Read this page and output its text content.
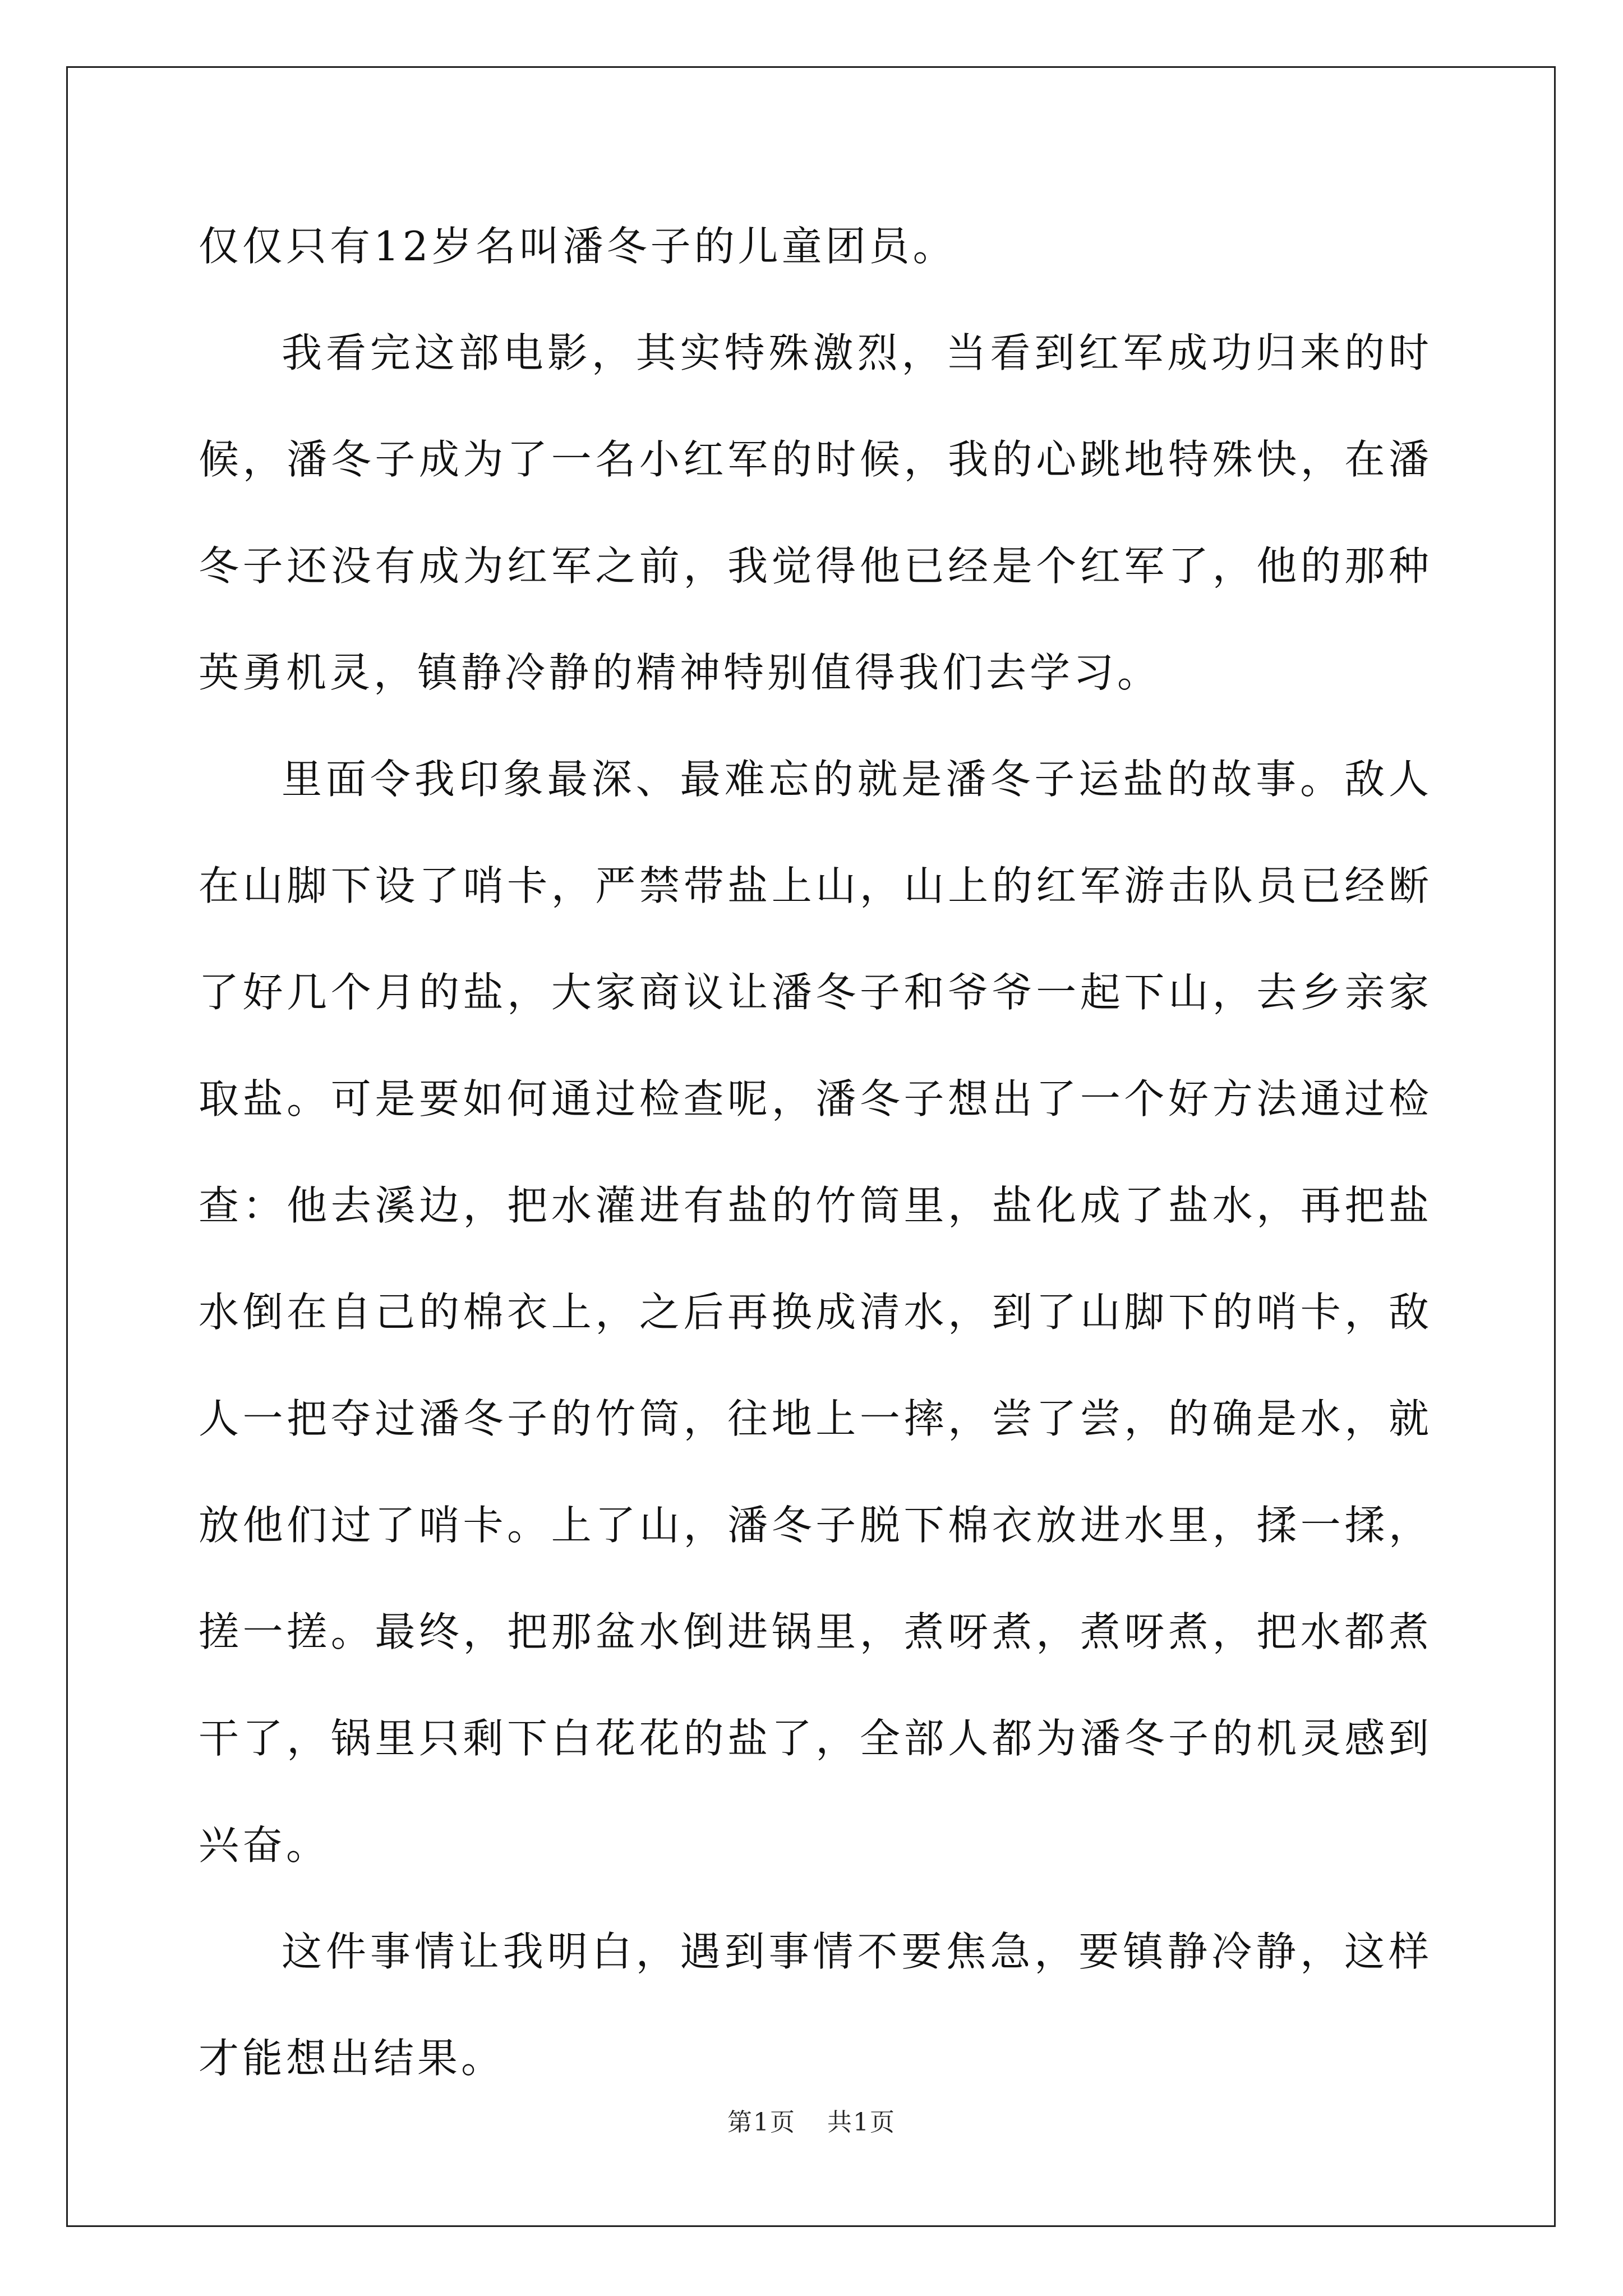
仅仅只有12岁名叫潘冬子的儿童团员。

我看完这部电影，其实特殊激烈，当看到红军成功归来的时候，潘冬子成为了一名小红军的时候，我的心跳地特殊快，在潘冬子还没有成为红军之前，我觉得他已经是个红军了，他的那种英勇机灵，镇静冷静的精神特别值得我们去学习。

里面令我印象最深、最难忘的就是潘冬子运盐的故事。敌人在山脚下设了哨卡，严禁带盐上山，山上的红军游击队员已经断了好几个月的盐，大家商议让潘冬子和爷爷一起下山，去乡亲家取盐。可是要如何通过检查呢，潘冬子想出了一个好方法通过检查：他去溪边，把水灌进有盐的竹筒里，盐化成了盐水，再把盐水倒在自己的棉衣上，之后再换成清水，到了山脚下的哨卡，敌人一把夺过潘冬子的竹筒，往地上一摔，尝了尝，的确是水，就放他们过了哨卡。上了山，潘冬子脱下棉衣放进水里，揉一揉，搓一搓。最终，把那盆水倒进锅里，煮呀煮，煮呀煮，把水都煮干了，锅里只剩下白花花的盐了，全部人都为潘冬子的机灵感到兴奋。

这件事情让我明白，遇到事情不要焦急，要镇静冷静，这样才能想出结果。

第1页 共1页
